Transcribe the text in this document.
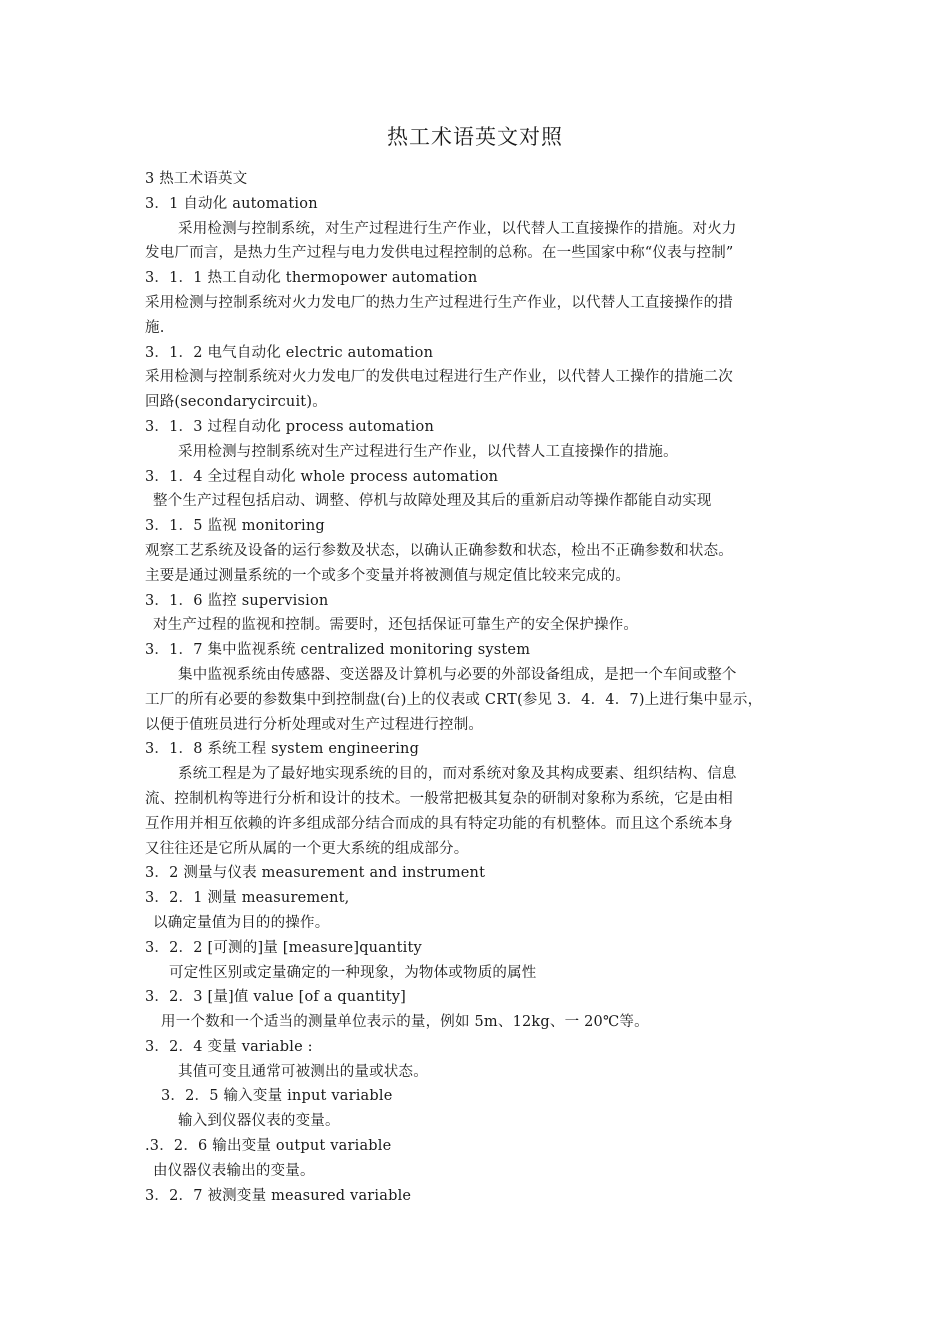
热工术语英文对照
3 热工术语英文
3．1 自动化 automation
采用检测与控制系统，对生产过程进行生产作业，以代替人工直接操作的措施。对火力
发电厂而言，是热力生产过程与电力发供电过程控制的总称。在一些国家中称“仪表与控制”
3．1．1 热工自动化 thermopower automation
采用检测与控制系统对火力发电厂的热力生产过程进行生产作业，以代替人工直接操作的措
施.
3．1．2 电气自动化 electric automation
采用检测与控制系统对火力发电厂的发供电过程进行生产作业，以代替人工操作的措施二次
回路(secondarycircuit)。
3．1．3 过程自动化 process automation
采用检测与控制系统对生产过程进行生产作业，以代替人工直接操作的措施。
3．1．4 全过程自动化 whole process automation
整个生产过程包括启动、调整、停机与故障处理及其后的重新启动等操作都能自动实现
3．1．5 监视 monitoring
观察工艺系统及设备的运行参数及状态，以确认正确参数和状态，检出不正确参数和状态。
主要是通过测量系统的一个或多个变量并将被测值与规定值比较来完成的。
3．1．6 监控 supervision
对生产过程的监视和控制。需要时，还包括保证可靠生产的安全保护操作。
3．1．7 集中监视系统 centralized monitoring system
集中监视系统由传感器、变送器及计算机与必要的外部设备组成，是把一个车间或整个
工厂的所有必要的参数集中到控制盘(台)上的仪表或 CRT(参见 3．4．4．7)上进行集中显示，
以便于值班员进行分析处理或对生产过程进行控制。
3．1．8 系统工程 system engineering
系统工程是为了最好地实现系统的目的，而对系统对象及其构成要素、组织结构、信息
流、控制机构等进行分析和设计的技术。一般常把极其复杂的研制对象称为系统，它是由相
互作用并相互依赖的许多组成部分结合而成的具有特定功能的有机整体。而且这个系统本身
又往往还是它所从属的一个更大系统的组成部分。
3．2 测量与仪表 measurement and instrument
3．2．1 测量 measurement,
以确定量值为目的的操作。
3．2．2 [可测的]量 [measure]quantity
可定性区别或定量确定的一种现象，为物体或物质的属性
3．2．3 [量]值 value [of a quantity]
用一个数和一个适当的测量单位表示的量，例如 5m、12kg、一 20℃等。
3．2．4 变量 variable :
其值可变且通常可被测出的量或状态。
3．2．5 输入变量 input variable
输入到仪器仪表的变量。
.3．2．6 输出变量 output variable
由仪器仪表输出的变量。
3．2．7 被测变量 measured variable
